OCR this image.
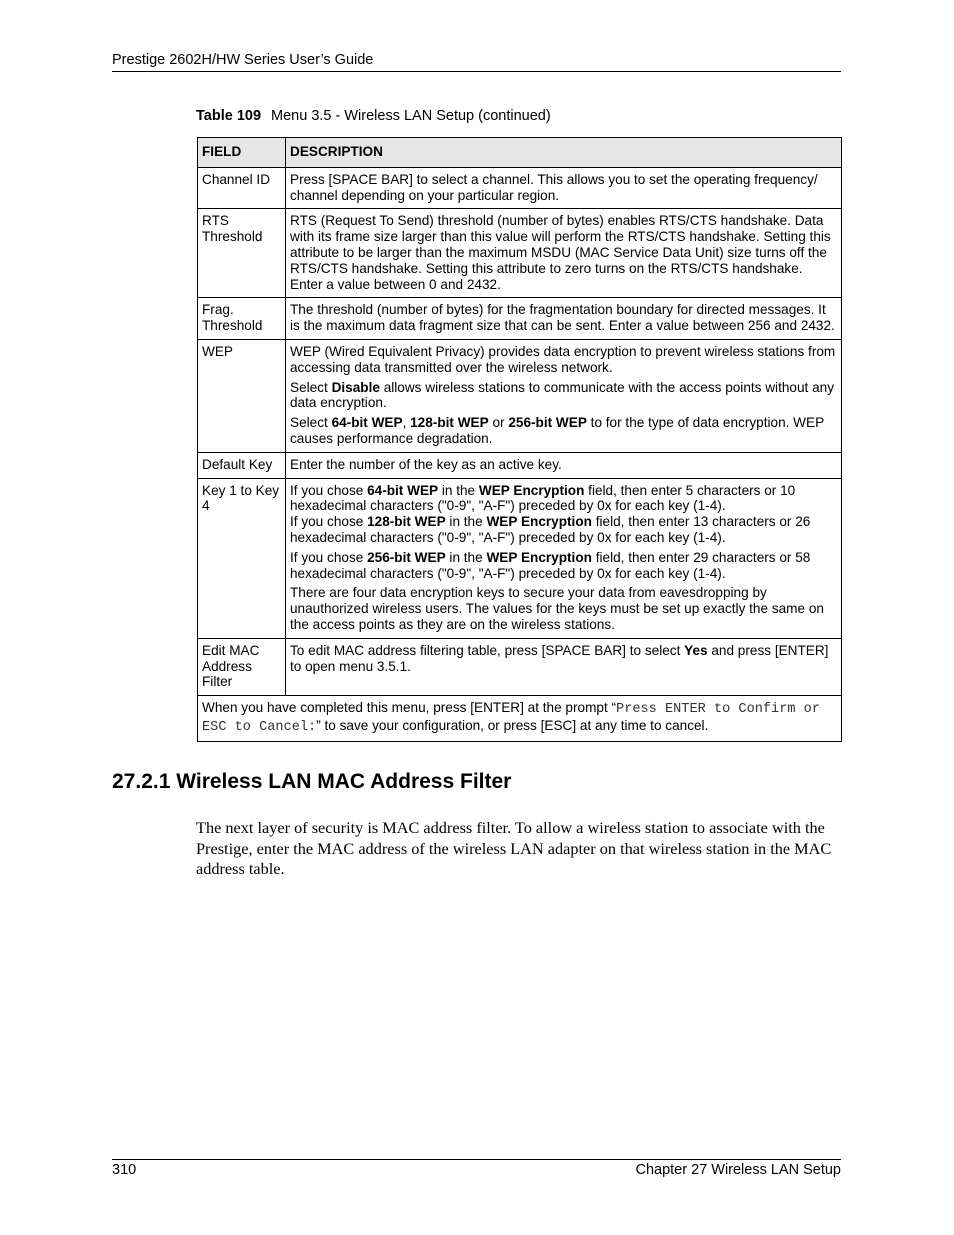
Prestige 2602H/HW Series User’s Guide
Table 109 Menu 3.5 - Wireless LAN Setup (continued)
FIELD	DESCRIPTION
Channel ID	Press [SPACE BAR] to select a channel. This allows you to set the operating frequency/ channel depending on your particular region.
RTS Threshold	RTS (Request To Send) threshold (number of bytes) enables RTS/CTS handshake. Data with its frame size larger than this value will perform the RTS/CTS handshake. Setting this attribute to be larger than the maximum MSDU (MAC Service Data Unit) size turns off the RTS/CTS handshake. Setting this attribute to zero turns on the RTS/CTS handshake. Enter a value between 0 and 2432.
Frag. Threshold	The threshold (number of bytes) for the fragmentation boundary for directed messages. It is the maximum data fragment size that can be sent. Enter a value between 256 and 2432.
WEP	WEP (Wired Equivalent Privacy) provides data encryption to prevent wireless stations from accessing data transmitted over the wireless network.

Select Disable allows wireless stations to communicate with the access points without any data encryption.

Select 64-bit WEP, 128-bit WEP or 256-bit WEP to for the type of data encryption. WEP causes performance degradation.

Default Key	Enter the number of the key as an active key.
Key 1 to Key 4	If you chose 64-bit WEP in the WEP Encryption field, then enter 5 characters or 10 hexadecimal characters ("0-9", "A-F") preceded by 0x for each key (1-4).
If you chose 128-bit WEP in the WEP Encryption field, then enter 13 characters or 26 hexadecimal characters ("0-9", "A-F") preceded by 0x for each key (1-4).

If you chose 256-bit WEP in the WEP Encryption field, then enter 29 characters or 58 hexadecimal characters ("0-9", "A-F") preceded by 0x for each key (1-4).

There are four data encryption keys to secure your data from eavesdropping by unauthorized wireless users. The values for the keys must be set up exactly the same on the access points as they are on the wireless stations.

Edit MAC Address Filter	To edit MAC address filtering table, press [SPACE BAR] to select Yes and press [ENTER] to open menu 3.5.1.

When you have completed this menu, press [ENTER] at the prompt “Press ENTER to Confirm or ESC to Cancel:” to save your configuration, or press [ESC] at any time to cancel.	
27.2.1 Wireless LAN MAC Address Filter

The next layer of security is MAC address filter. To allow a wireless station to associate with the Prestige, enter the MAC address of the wireless LAN adapter on that wireless station in the MAC address table.

310	Chapter 27 Wireless LAN Setup
